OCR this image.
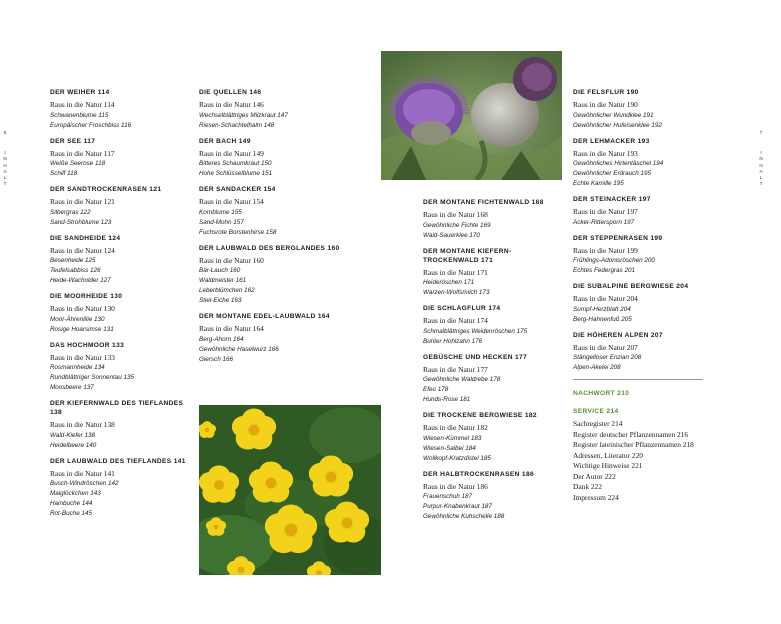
6
I
N
H
A
L
T
7
I
N
H
A
L
T
DER WEIHER 114
Raus in die Natur 114
Schwanenblume 115
Europäischer Froschbiss 116
DER SEE 117
Raus in die Natur 117
Weiße Seerose 118
Schilf 118
DER SANDTROCKENRASEN 121
Raus in die Natur 121
Silbergras 122
Sand-Strohblume 123
DIE SANDHEIDE 124
Raus in die Natur 124
Besenheide 125
Teufelsabbiss 126
Heide-Wacholder 127
DIE MOORHEIDE 130
Raus in die Natur 130
Moor-Ährenlilie 130
Rosige Hoarsimse 131
DAS HOCHMOOR 133
Raus in die Natur 133
Rosmarinheide 134
Rundblättriger Sonnentau 135
Moosbeere 137
DER KIEFERNWALD DES TIEFLANDES 138
Raus in die Natur 138
Wald-Kiefer 138
Heidelbeere 140
DER LAUBWALD DES TIEFLANDES 141
Raus in die Natur 141
Busch-Windröschen 142
Maiglöckchen 143
Hainbuche 144
Rot-Buche 145
DIE QUELLEN 146
Raus in die Natur 146
Wechselblättriges Milzkraut 147
Riesen-Schachtelhalm 148
DER BACH 149
Raus in die Natur 149
Bitteres Schaumkraut 150
Hohe Schlüsselblume 151
DER SANDACKER 154
Raus in die Natur 154
Kornblume 155
Sand-Mohn 157
Fuchsrote Borstenhirse 158
DER LAUBWALD DES BERGLANDES 160
Raus in die Natur 160
Bär-Lauch 160
Waldmeister 161
Leberblümchen 162
Stiel-Eiche 163
DER MONTANE EDEL-LAUBWALD 164
Raus in die Natur 164
Berg-Ahorn 164
Gewöhnliche Haselwurz 166
Giersch 166
DER MONTANE FICHTENWALD 168
Raus in die Natur 168
Gewöhnliche Fichte 169
Wald-Sauerklee 170
DER MONTANE KIEFERN-TROCKENWALD 171
Raus in die Natur 171
Heideröschen 171
Warzen-Wolfsmilch 173
DIE SCHLAGFLUR 174
Raus in die Natur 174
Schmalblättriges Weidenröschen 175
Bunter Hohlzahn 176
GEBÜSCHE UND HECKEN 177
Raus in die Natur 177
Gewöhnliche Waldrebe 178
Efeu 178
Hunds-Rose 181
DIE TROCKENE BERGWIESE 182
Raus in die Natur 182
Wiesen-Kümmel 183
Wiesen-Salbei 184
Wollkopf-Kratzdistel 185
DER HALBTROCKENRASEN 186
Raus in die Natur 186
Frauenschuh 187
Purpur-Knabenkraut 187
Gewöhnliche Kuhschelle 188
DIE FELSFLUR 190
Raus in die Natur 190
Gewöhnlicher Wundklee 191
Gewöhnlicher Hufeisenklee 192
DER LEHMACKER 193
Raus in die Natur 193
Gewöhnliches Hirtentäschel 194
Gewöhnlicher Erdrauch 195
Echte Kamille 195
DER STEINACKER 197
Raus in die Natur 197
Acker-Rittersporn 197
DER STEPPENRASEN 199
Raus in die Natur 199
Frühlings-Adonisröschen 200
Echtes Federgras 201
DIE SUBALPINE BERGWIESE 204
Raus in die Natur 204
Sumpf-Herzblatt 204
Berg-Hahnenfuß 205
DIE HÖHEREN ALPEN 207
Raus in die Natur 207
Stängelloser Enzian 208
Alpen-Akelei 208
NACHWORT 210
SERVICE 214
Sachregister 214
Register deutscher Pflanzennamen 216
Register lateinischer Pflanzennamen 218
Adressen, Literatur 220
Wichtige Hinweise 221
Der Autor 222
Dank 222
Impressum 224
